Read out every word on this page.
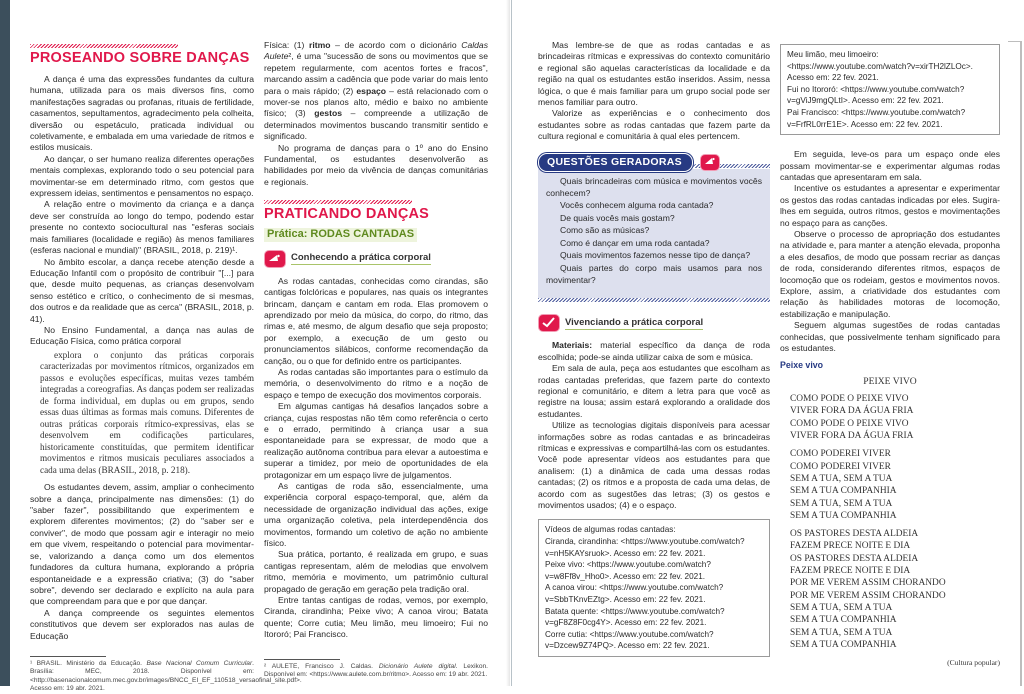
PROSEANDO SOBRE DANÇAS

A dança é uma das expressões fundantes da cultura humana, utilizada para os mais diversos fins, como manifestações sagradas ou profanas, rituais de fertilidade, casamentos, sepultamentos, agradecimento pela colheita, diversão ou espetáculo, praticada individual ou coletivamente, e embalada em uma variedade de ritmos e estilos musicais.

Ao dançar, o ser humano realiza diferentes operações mentais complexas, explorando todo o seu potencial para movimentar-se em determinado ritmo, com gestos que expressem ideias, sentimentos e pensamentos no espaço.

A relação entre o movimento da criança e a dança deve ser construída ao longo do tempo, podendo estar presente no contexto sociocultural nas "esferas sociais mais familiares (localidade e região) às menos familiares (esferas nacional e mundial)" (BRASIL, 2018, p. 219)¹.

No âmbito escolar, a dança recebe atenção desde a Educação Infantil com o propósito de contribuir "[...] para que, desde muito pequenas, as crianças desenvolvam senso estético e crítico, o conhecimento de si mesmas, dos outros e da realidade que as cerca" (BRASIL, 2018, p. 41).

No Ensino Fundamental, a dança nas aulas de Educação Física, como prática corporal

explora o conjunto das práticas corporais caracterizadas por movimentos rítmicos, organizados em passos e evoluções específicas, muitas vezes também integradas a coreografias. As danças podem ser realizadas de forma individual, em duplas ou em grupos, sendo essas duas últimas as formas mais comuns. Diferentes de outras práticas corporais rítmico-expressivas, elas se desenvolvem em codificações particulares, historicamente constituídas, que permitem identificar movimentos e ritmos musicais peculiares associados a cada uma delas (BRASIL, 2018, p. 218).

Os estudantes devem, assim, ampliar o conhecimento sobre a dança, principalmente nas dimensões: (1) do "saber fazer", possibilitando que experimentem e explorem diferentes movimentos; (2) do "saber ser e conviver", de modo que possam agir e interagir no meio em que vivem, respeitando o potencial para movimentar-se, valorizando a dança como um dos elementos fundadores da cultura humana, explorando a própria espontaneidade e a expressão criativa; (3) do "saber sobre", devendo ser declarado e explícito na aula para que compreendam para que e por que dançar.

A dança compreende os seguintes elementos constitutivos que devem ser explorados nas aulas de Educação

¹ BRASIL. Ministério da Educação. Base Nacional Comum Curricular. Brasília: MEC, 2018. Disponível em: <http://basenacionalcomum.mec.gov.br/images/BNCC_EI_EF_110518_versaofinal_site.pdf>. Acesso em: 19 abr. 2021.

Física: (1) ritmo – de acordo com o dicionário Caldas Aulete², é uma "sucessão de sons ou movimentos que se repetem regularmente, com acentos fortes e fracos", marcando assim a cadência que pode variar do mais lento para o mais rápido; (2) espaço – está relacionado com o mover-se nos planos alto, médio e baixo no ambiente físico; (3) gestos – compreende a utilização de determinados movimentos buscando transmitir sentido e significado.

No programa de danças para o 1º ano do Ensino Fundamental, os estudantes desenvolverão as habilidades por meio da vivência de danças comunitárias e regionais.

PRATICANDO DANÇAS
Prática: RODAS CANTADAS
Conhecendo a prática corporal

As rodas cantadas, conhecidas como cirandas, são cantigas folclóricas e populares, nas quais os integrantes brincam, dançam e cantam em roda. Elas promovem o aprendizado por meio da música, do corpo, do ritmo, das rimas e, até mesmo, de algum desafio que seja proposto; por exemplo, a execução de um gesto ou pronunciamentos silábicos, conforme recomendação da canção, ou o que for definido entre os participantes.

As rodas cantadas são importantes para o estímulo da memória, o desenvolvimento do ritmo e a noção de espaço e tempo de execução dos movimentos corporais.

Em algumas cantigas há desafios lançados sobre a criança, cujas respostas não têm como referência o certo e o errado, permitindo à criança usar a sua espontaneidade para se expressar, de modo que a realização autônoma contribua para elevar a autoestima e superar a timidez, por meio de oportunidades de ela protagonizar em um espaço livre de julgamentos.

As cantigas de roda são, essencialmente, uma experiência corporal espaço-temporal, que, além da necessidade de organização individual das ações, exige uma organização coletiva, pela interdependência dos movimentos, formando um coletivo de ação no ambiente físico.

Sua prática, portanto, é realizada em grupo, e suas cantigas representam, além de melodias que envolvem ritmo, memória e movimento, um patrimônio cultural propagado de geração em geração pela tradição oral.

Entre tantas cantigas de rodas, vemos, por exemplo, Ciranda, cirandinha; Peixe vivo; A canoa virou; Batata quente; Corre cutia; Meu limão, meu limoeiro; Fui no Itororó; Pai Francisco.

² AULETE, Francisco J. Caldas. Dicionário Aulete digital. Lexikon. Disponível em: <https://www.aulete.com.br/ritmo>. Acesso em: 19 abr. 2021.

Mas lembre-se de que as rodas cantadas e as brincadeiras rítmicas e expressivas do contexto comunitário e regional são aquelas características da localidade e da região na qual os estudantes estão inseridos. Assim, nessa lógica, o que é mais familiar para um grupo social pode ser menos familiar para outro.

Valorize as experiências e o conhecimento dos estudantes sobre as rodas cantadas que fazem parte da cultura regional e comunitária à qual eles pertencem.

QUESTÕES GERADORAS

Quais brincadeiras com música e movimentos vocês conhecem?

Vocês conhecem alguma roda cantada?

De quais vocês mais gostam?

Como são as músicas?

Como é dançar em uma roda cantada?

Quais movimentos fazemos nesse tipo de dança?

Quais partes do corpo mais usamos para nos movimentar?

Vivenciando a prática corporal

Materiais: material específico da dança de roda escolhida; pode-se ainda utilizar caixa de som e música.

Em sala de aula, peça aos estudantes que escolham as rodas cantadas preferidas, que fazem parte do contexto regional e comunitário, e ditem a letra para que você as registre na lousa; assim estará explorando a oralidade dos estudantes.

Utilize as tecnologias digitais disponíveis para acessar informações sobre as rodas cantadas e as brincadeiras rítmicas e expressivas e compartilhá-las com os estudantes. Você pode apresentar vídeos aos estudantes para que analisem: (1) a dinâmica de cada uma dessas rodas cantadas; (2) os ritmos e a proposta de cada uma delas, de acordo com as sugestões das letras; (3) os gestos e movimentos usados; (4) e o espaço.

Vídeos de algumas rodas cantadas:

Ciranda, cirandinha: <https://www.youtube.com/watch?v=nH5KAYsruok>. Acesso em: 22 fev. 2021.

Peixe vivo: <https://www.youtube.com/watch?v=w8Ff8v_Hho0>. Acesso em: 22 fev. 2021.

A canoa virou: <https://www.youtube.com/watch?v=SbbTKnvEZtg>. Acesso em: 22 fev. 2021.

Batata quente: <https://www.youtube.com/watch?v=gF8Z8F0cg4Y>. Acesso em: 22 fev. 2021.

Corre cutia: <https://www.youtube.com/watch?v=Dzcew9Z74PQ>. Acesso em: 22 fev. 2021.

Meu limão, meu limoeiro: <https://www.youtube.com/watch?v=xirTH2lZLOc>. Acesso em: 22 fev. 2021.

Fui no Itororó: <https://www.youtube.com/watch?v=gViJ9mgQLtI>. Acesso em: 22 fev. 2021.

Pai Francisco: <https://www.youtube.com/watch?v=FrfRL0rrE1E>. Acesso em: 22 fev. 2021.

Em seguida, leve-os para um espaço onde eles possam movimentar-se e experimentar algumas rodas cantadas que apresentaram em sala.

Incentive os estudantes a apresentar e experimentar os gestos das rodas cantadas indicadas por eles. Sugira-lhes em seguida, outros ritmos, gestos e movimentações no espaço para as canções.

Observe o processo de apropriação dos estudantes na atividade e, para manter a atenção elevada, proponha a eles desafios, de modo que possam recriar as danças de roda, considerando diferentes ritmos, espaços de locomoção que os rodeiam, gestos e movimentos novos. Explore, assim, a criatividade dos estudantes com relação às habilidades motoras de locomoção, estabilização e manipulação.

Seguem algumas sugestões de rodas cantadas conhecidas, que possivelmente tenham significado para os estudantes.

Peixe vivo
PEIXE VIVO
COMO PODE O PEIXE VIVO
VIVER FORA DA ÁGUA FRIA
COMO PODE O PEIXE VIVO
VIVER FORA DA ÁGUA FRIA
COMO PODEREI VIVER
COMO PODEREI VIVER
SEM A TUA, SEM A TUA
SEM A TUA COMPANHIA
SEM A TUA, SEM A TUA
SEM A TUA COMPANHIA
OS PASTORES DESTA ALDEIA
FAZEM PRECE NOITE E DIA
OS PASTORES DESTA ALDEIA
FAZEM PRECE NOITE E DIA
POR ME VEREM ASSIM CHORANDO
POR ME VEREM ASSIM CHORANDO
SEM A TUA, SEM A TUA
SEM A TUA COMPANHIA
SEM A TUA, SEM A TUA
SEM A TUA COMPANHIA
(Cultura popular)
